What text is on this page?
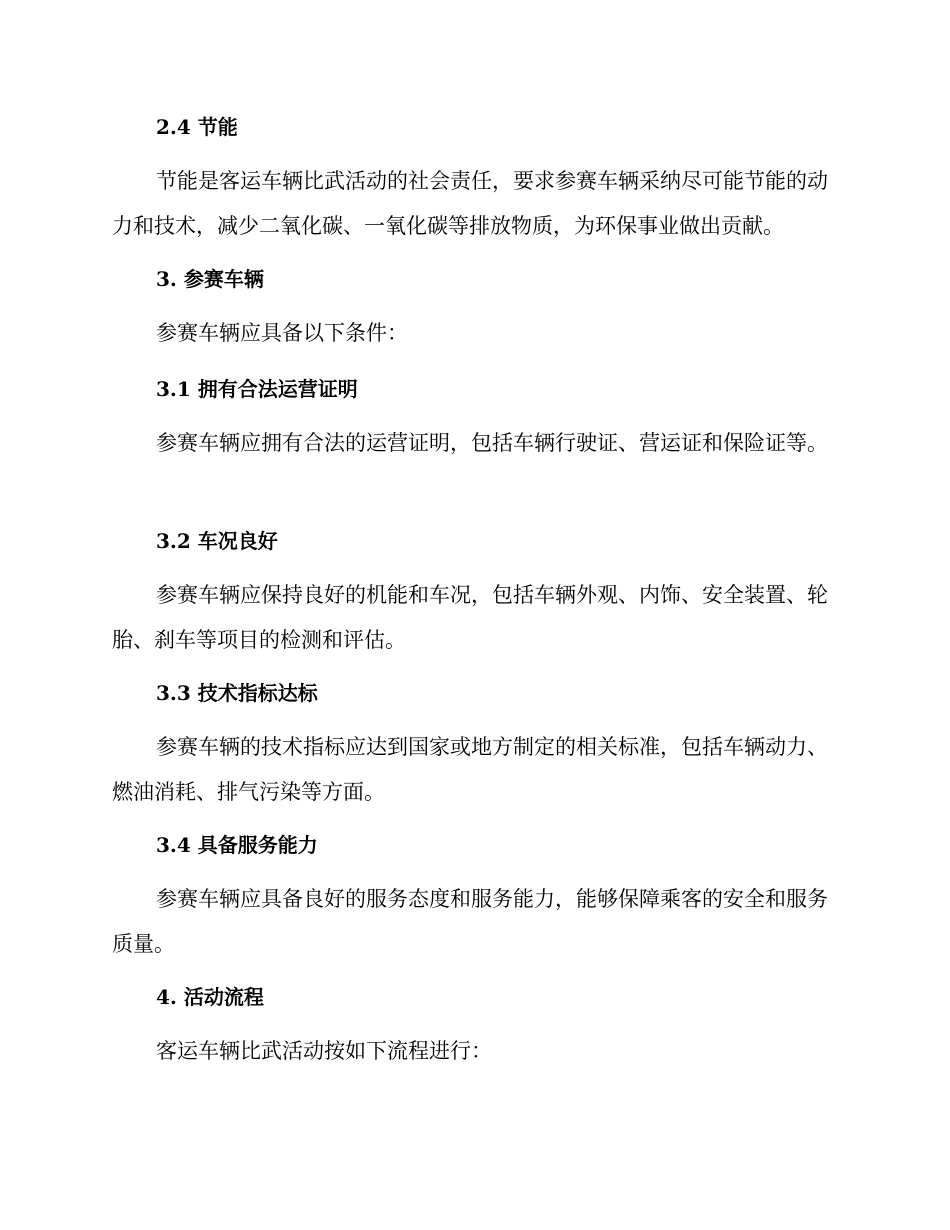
2.4 节能

节能是客运车辆比武活动的社会责任，要求参赛车辆采纳尽可能节能的动力和技术，减少二氧化碳、一氧化碳等排放物质，为环保事业做出贡献。

3. 参赛车辆

参赛车辆应具备以下条件：

3.1 拥有合法运营证明

参赛车辆应拥有合法的运营证明，包括车辆行驶证、营运证和保险证等。

3.2 车况良好

参赛车辆应保持良好的机能和车况，包括车辆外观、内饰、安全装置、轮胎、刹车等项目的检测和评估。

3.3 技术指标达标

参赛车辆的技术指标应达到国家或地方制定的相关标准，包括车辆动力、燃油消耗、排气污染等方面。

3.4 具备服务能力

参赛车辆应具备良好的服务态度和服务能力，能够保障乘客的安全和服务质量。

4. 活动流程

客运车辆比武活动按如下流程进行：
